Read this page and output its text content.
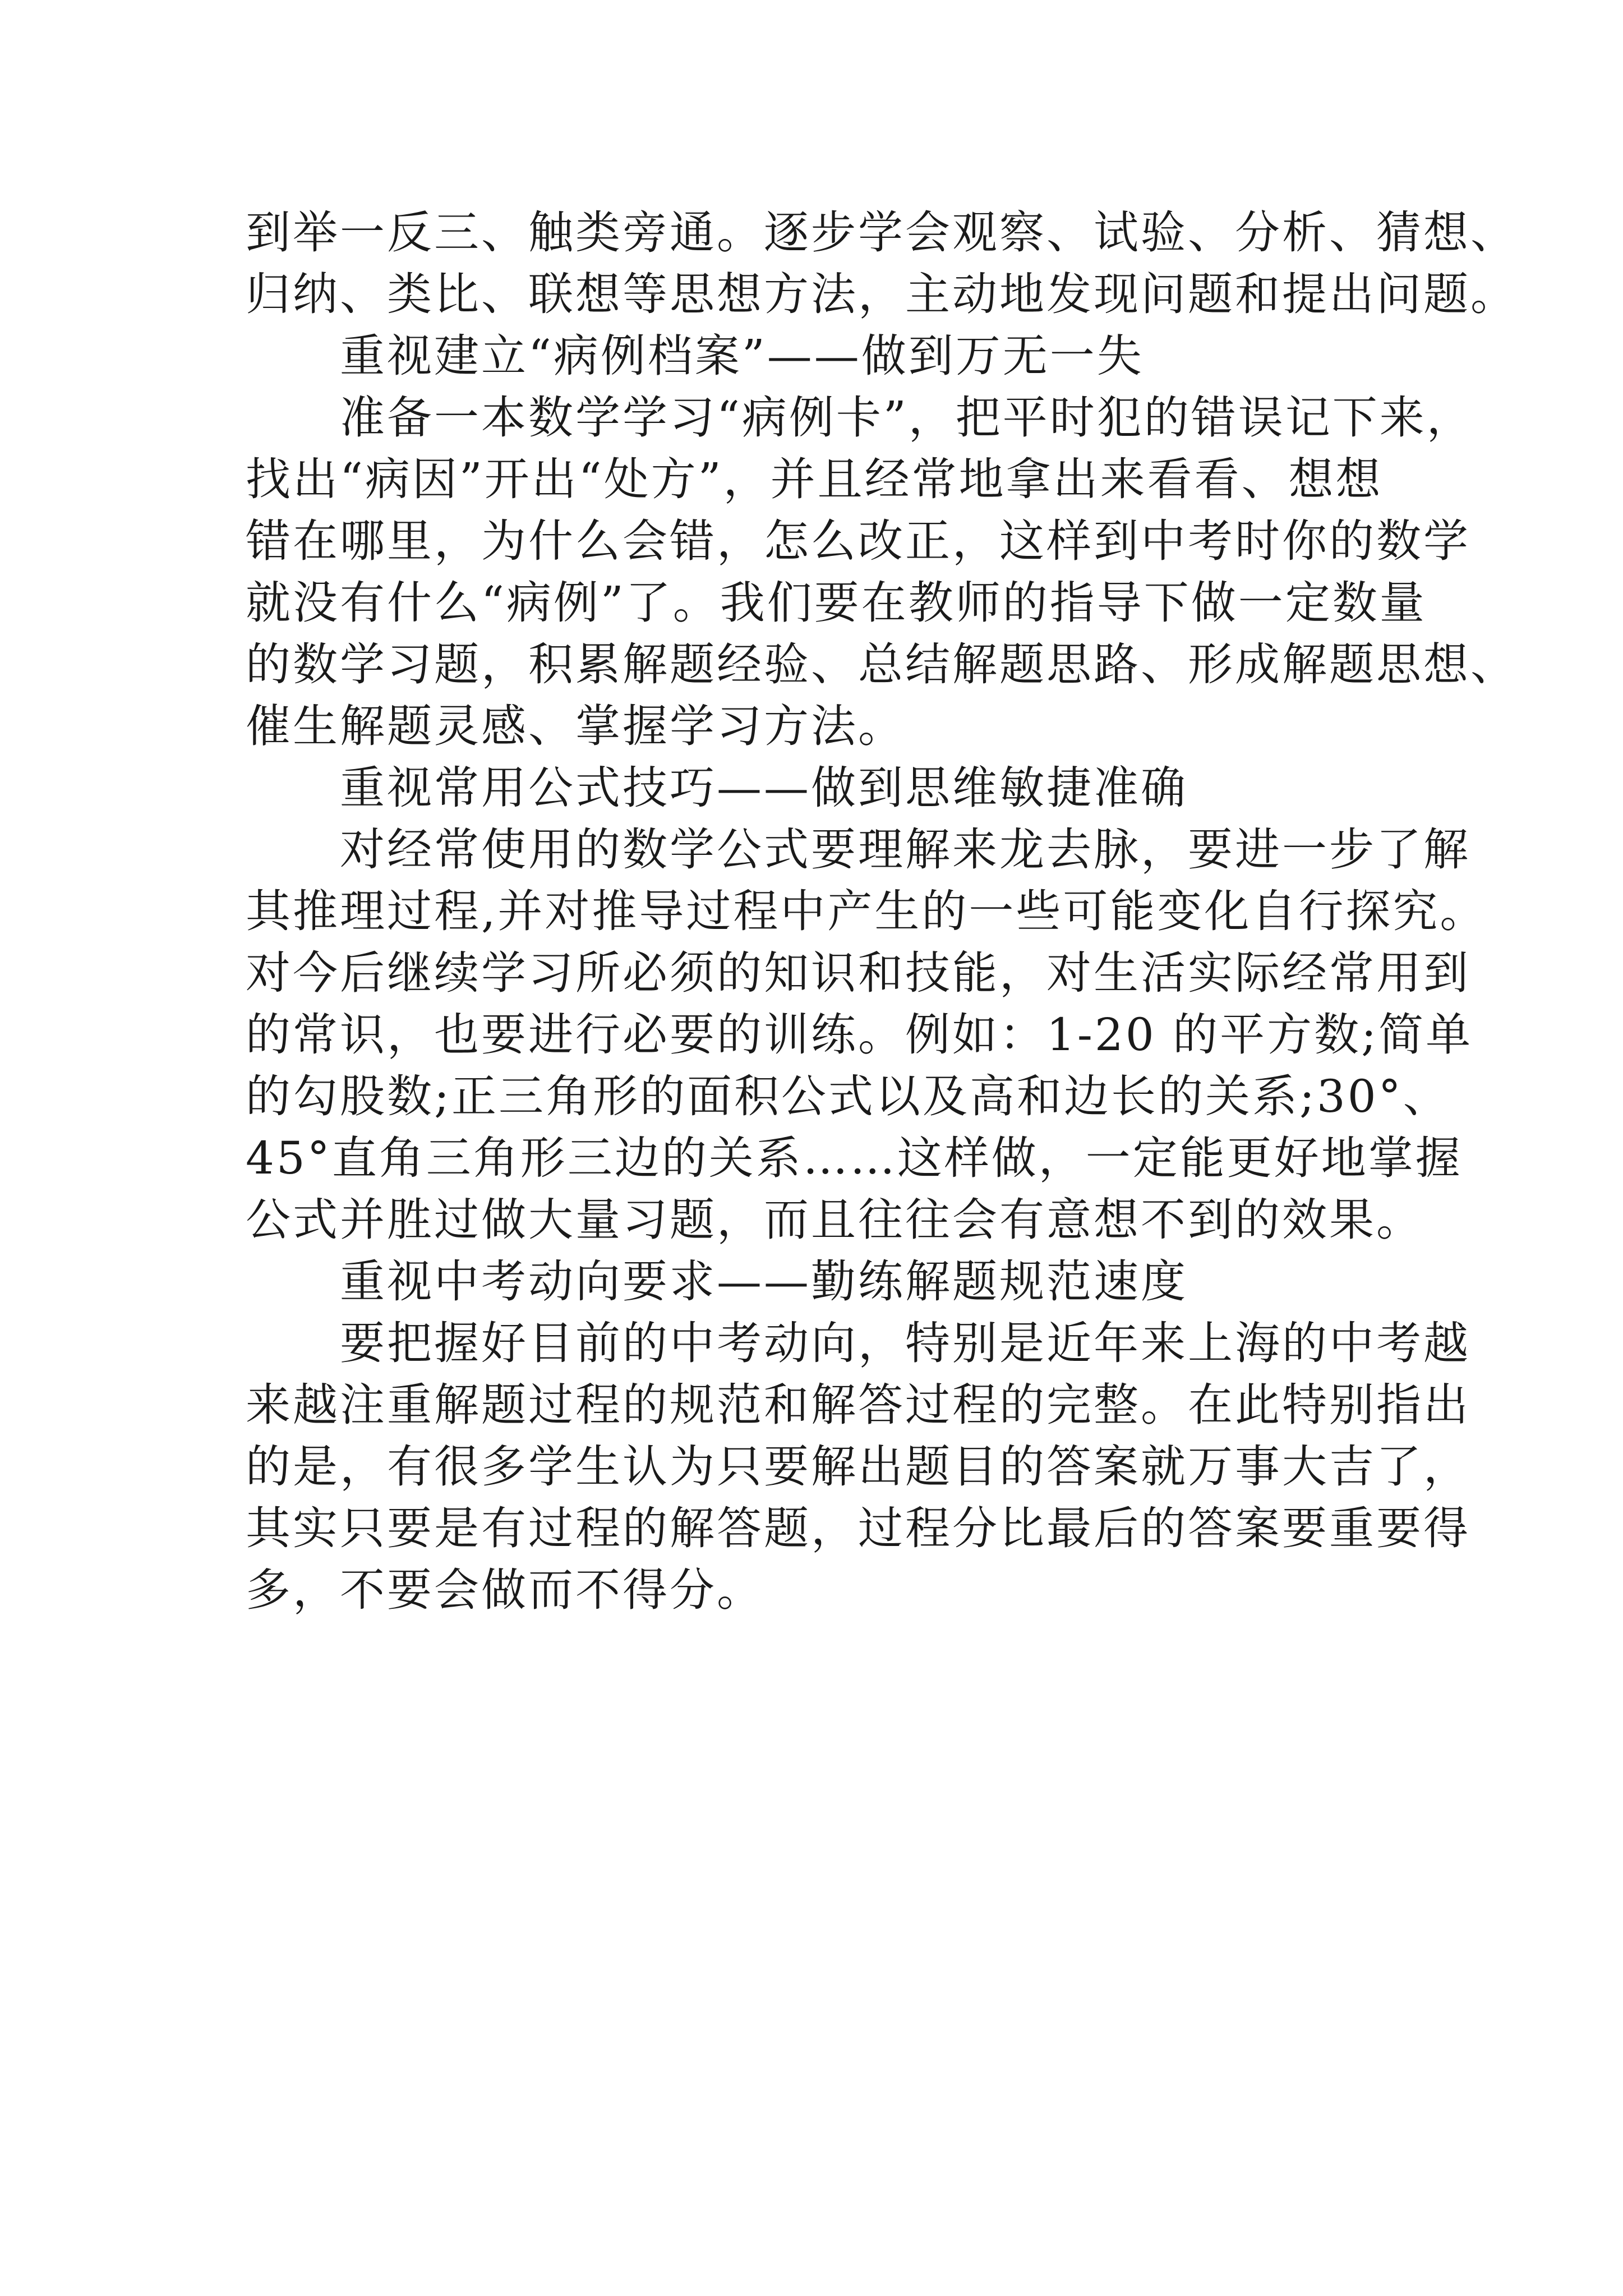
到举一反三、触类旁通。逐步学会观察、试验、分析、猜想、
归纳、类比、联想等思想方法，主动地发现问题和提出问题。
重视建立“病例档案”——做到万无一失
准备一本数学学习“病例卡”，把平时犯的错误记下来，
找出“病因”开出“处方”，并且经常地拿出来看看、想想
错在哪里，为什么会错，怎么改正，这样到中考时你的数学
就没有什么“病例”了。我们要在教师的指导下做一定数量
的数学习题，积累解题经验、总结解题思路、形成解题思想、
催生解题灵感、掌握学习方法。
重视常用公式技巧——做到思维敏捷准确
对经常使用的数学公式要理解来龙去脉，要进一步了解
其推理过程,并对推导过程中产生的一些可能变化自行探究。
对今后继续学习所必须的知识和技能，对生活实际经常用到
的常识，也要进行必要的训练。例如：1-20 的平方数;简单
的勾股数;正三角形的面积公式以及高和边长的关系;30°、
45°直角三角形三边的关系……这样做，一定能更好地掌握
公式并胜过做大量习题，而且往往会有意想不到的效果。
重视中考动向要求——勤练解题规范速度
要把握好目前的中考动向，特别是近年来上海的中考越
来越注重解题过程的规范和解答过程的完整。在此特别指出
的是，有很多学生认为只要解出题目的答案就万事大吉了，
其实只要是有过程的解答题，过程分比最后的答案要重要得
多，不要会做而不得分。
